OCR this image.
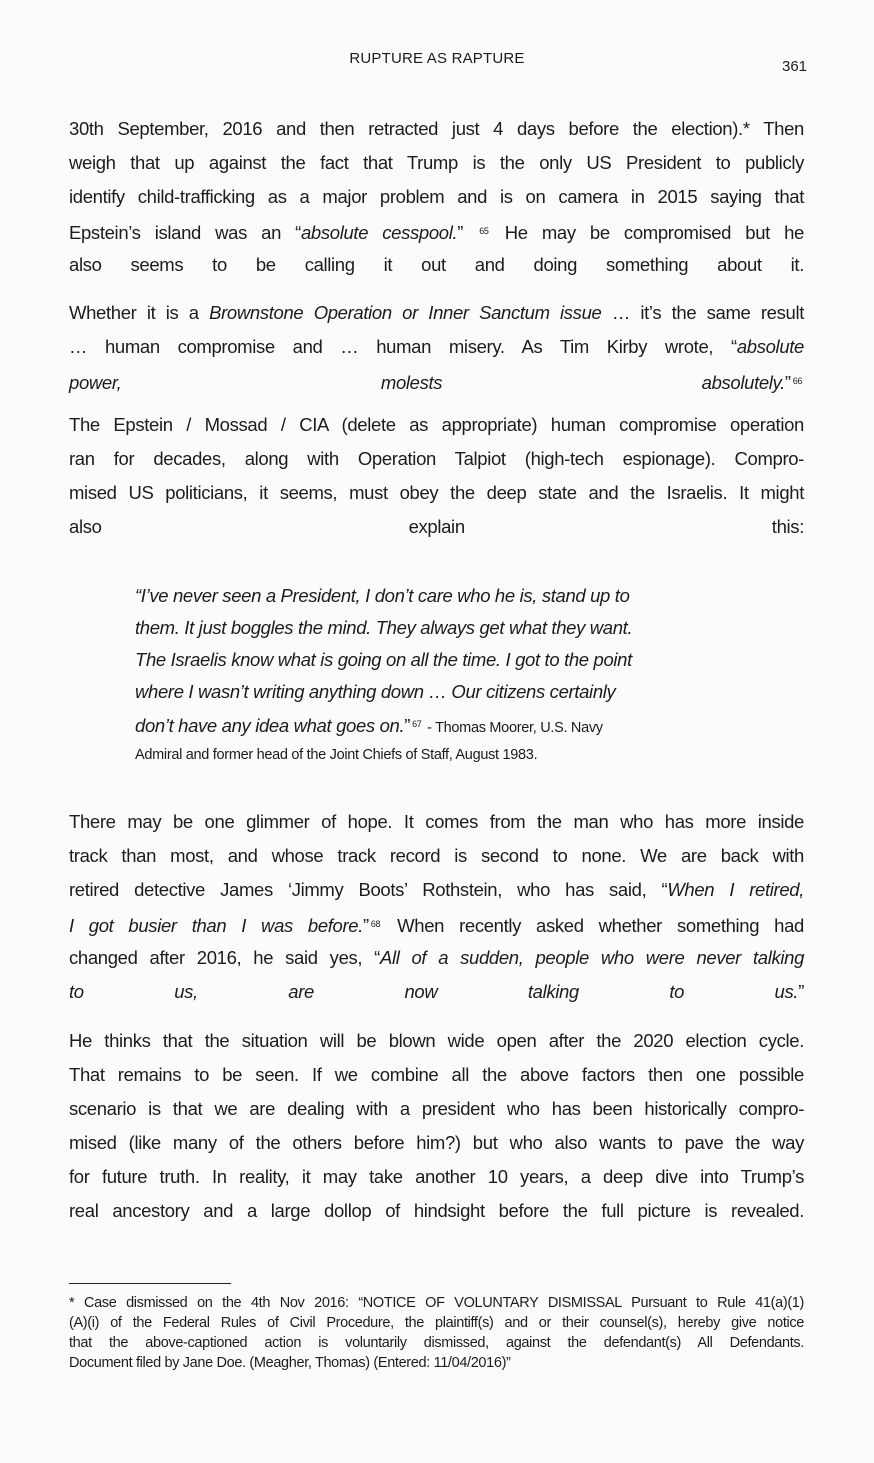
RUPTURE AS RAPTURE	361
30th September, 2016 and then retracted just 4 days before the election).* Then
weigh that up against the fact that Trump is the only US President to publicly
identify child-trafficking as a major problem and is on camera in 2015 saying that
Epstein’s island was an “absolute cesspool.” $^{65}$ He may be compromised but he
also seems to be calling it out and doing something about it.
Whether it is a Brownstone Operation or Inner Sanctum issue … it’s the same result
… human compromise and … human misery. As Tim Kirby wrote, “absolute
power, molests absolutely.” $^{66}$
The Epstein / Mossad / CIA (delete as appropriate) human compromise operation
ran for decades, along with Operation Talpiot (high-tech espionage). Compro-
mised US politicians, it seems, must obey the deep state and the Israelis. It might
also explain this:
“I’ve never seen a President, I don’t care who he is, stand up to
them. It just boggles the mind. They always get what they want.
The Israelis know what is going on all the time. I got to the point
where I wasn’t writing anything down … Our citizens certainly
don’t have any idea what goes on.” $^{67}$ - Thomas Moorer, U.S. Navy
Admiral and former head of the Joint Chiefs of Staff, August 1983.
There may be one glimmer of hope. It comes from the man who has more inside
track than most, and whose track record is second to none. We are back with
retired detective James ‘Jimmy Boots’ Rothstein, who has said, “When I retired,
I got busier than I was before.” $^{68}$ When recently asked whether something had
changed after 2016, he said yes, “All of a sudden, people who were never talking
to us, are now talking to us.”
He thinks that the situation will be blown wide open after the 2020 election cycle.
That remains to be seen. If we combine all the above factors then one possible
scenario is that we are dealing with a president who has been historically compro-
mised (like many of the others before him?) but who also wants to pave the way
for future truth. In reality, it may take another 10 years, a deep dive into Trump’s
real ancestory and a large dollop of hindsight before the full picture is revealed.
* Case dismissed on the 4th Nov 2016: “NOTICE OF VOLUNTARY DISMISSAL Pursuant to Rule 41(a)(1)
(A)(i) of the Federal Rules of Civil Procedure, the plaintiff(s) and or their counsel(s), hereby give notice
that the above-captioned action is voluntarily dismissed, against the defendant(s) All Defendants.
Document filed by Jane Doe. (Meagher, Thomas) (Entered: 11/04/2016)”
